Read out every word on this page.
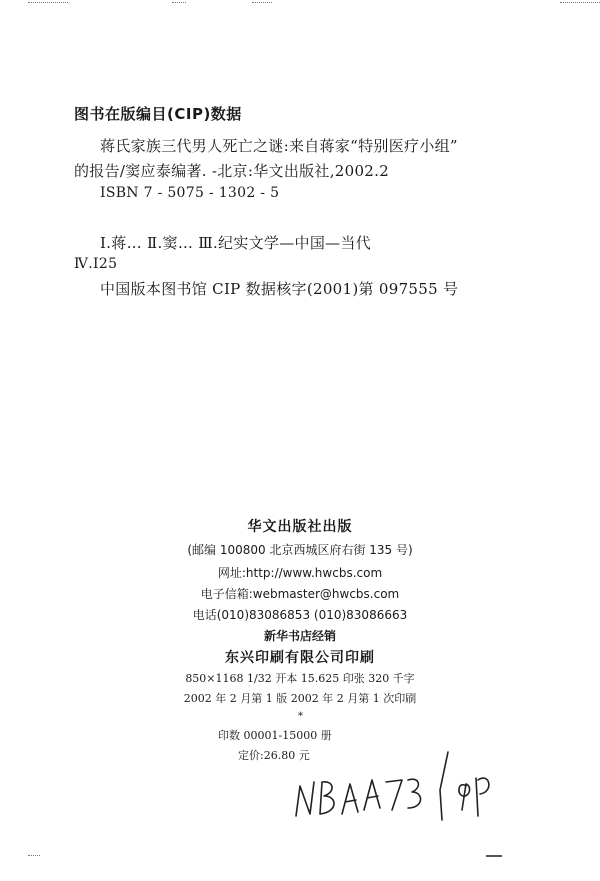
图书在版编目(CIP)数据
蒋氏家族三代男人死亡之谜:来自蒋家“特别医疗小组”
的报告/窦应泰编著. -北京:华文出版社,2002.2
ISBN 7 - 5075 - 1302 - 5
Ⅰ.蒋… Ⅱ.窦… Ⅲ.纪实文学—中国—当代
Ⅳ.I25
中国版本图书馆 CIP 数据核字(2001)第 097555 号
华文出版社出版
(邮编 100800 北京西城区府右街 135 号)
网址:http://www.hwcbs.com
电子信箱:webmaster@hwcbs.com
电话(010)83086853 (010)83086663
新华书店经销
东兴印刷有限公司印刷
850×1168 1/32 开本 15.625 印张 320 千字
2002 年 2 月第 1 版 2002 年 2 月第 1 次印刷
*
印数 00001-15000 册
定价:26.80 元
